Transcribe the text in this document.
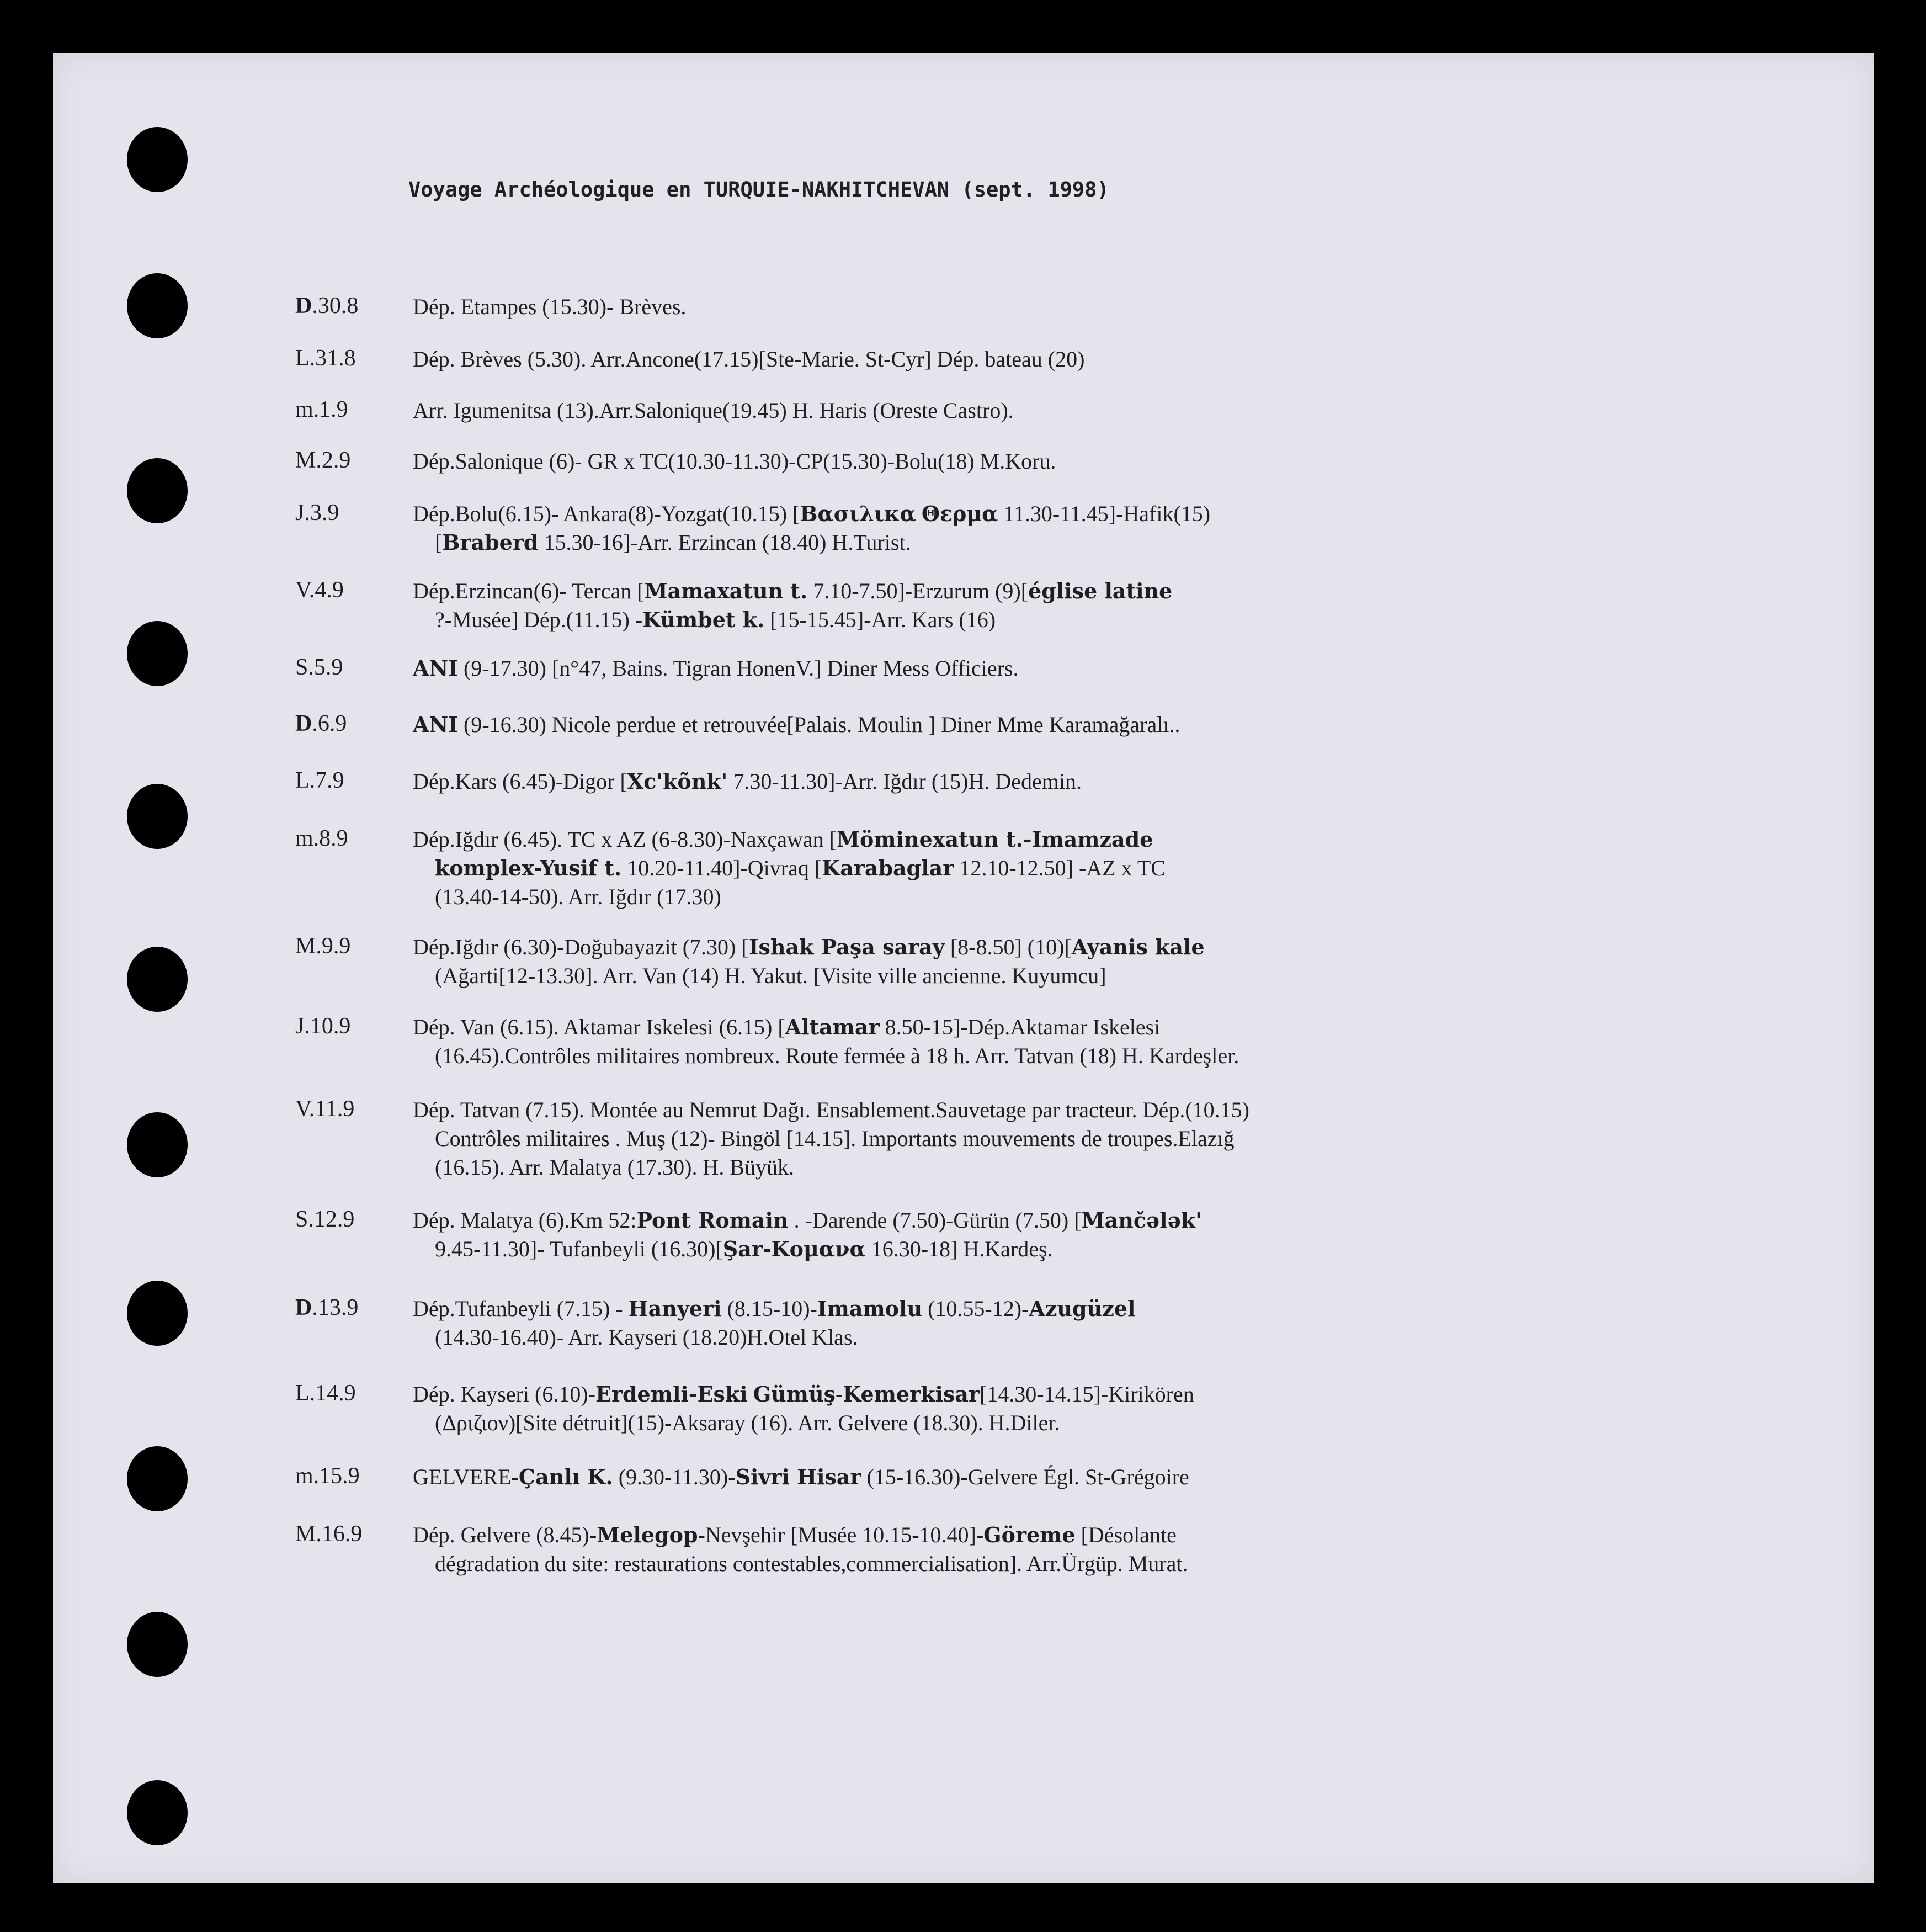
Voyage Archéologique en TURQUIE-NAKHITCHEVAN (sept. 1998)
D.30.8	Dép. Etampes (15.30)- Brèves.
L.31.8	Dép. Brèves (5.30). Arr.Ancone(17.15)[Ste-Marie. St-Cyr] Dép. bateau (20)
m.1.9	Arr. Igumenitsa (13).Arr.Salonique(19.45) H. Haris (Oreste Castro).
M.2.9	Dép.Salonique (6)- GR x TC(10.30-11.30)-CP(15.30)-Bolu(18) M.Koru.
J.3.9	Dép.Bolu(6.15)- Ankara(8)-Yozgat(10.15) [Βασιλικα Θερμα 11.30-11.45]-Hafik(15)
[Braberd 15.30-16]-Arr. Erzincan (18.40) H.Turist.
V.4.9	Dép.Erzincan(6)- Tercan [Mamaxatun t. 7.10-7.50]-Erzurum (9)[église latine
?-Musée] Dép.(11.15) -Kümbet k. [15-15.45]-Arr. Kars (16)
S.5.9	ANI (9-17.30) [n°47, Bains. Tigran HonenV.] Diner Mess Officiers.
D.6.9	ANI (9-16.30) Nicole perdue et retrouvée[Palais. Moulin ] Diner Mme Karamağaralı..
L.7.9	Dép.Kars (6.45)-Digor [Xc'kõnk' 7.30-11.30]-Arr. Iğdır (15)H. Dedemin.
m.8.9	Dép.Iğdır (6.45). TC x AZ (6-8.30)-Naxçawan [Möminexatun t.-Imamzade
komplex-Yusif t. 10.20-11.40]-Qivraq [Karabaglar 12.10-12.50] -AZ x TC
(13.40-14-50). Arr. Iğdır (17.30)
M.9.9	Dép.Iğdır (6.30)-Doğubayazit (7.30) [Ishak Paşa saray [8-8.50] (10)[Ayanis kale
(Ağarti[12-13.30]. Arr. Van (14) H. Yakut. [Visite ville ancienne. Kuyumcu]
J.10.9	Dép. Van (6.15). Aktamar Iskelesi (6.15) [Altamar 8.50-15]-Dép.Aktamar Iskelesi
(16.45).Contrôles militaires nombreux. Route fermée à 18 h. Arr. Tatvan (18) H. Kardeşler.
V.11.9	Dép. Tatvan (7.15). Montée au Nemrut Dağı. Ensablement.Sauvetage par tracteur. Dép.(10.15)
Contrôles militaires . Muş (12)- Bingöl [14.15]. Importants mouvements de troupes.Elazığ
(16.15). Arr. Malatya (17.30). H. Büyük.
S.12.9	Dép. Malatya (6).Km 52:Pont Romain . -Darende (7.50)-Gürün (7.50) [Mančələk'
9.45-11.30]- Tufanbeyli (16.30)[Şar-Κομανα 16.30-18] H.Kardeş.
D.13.9	Dép.Tufanbeyli (7.15) - Hanyeri (8.15-10)-Imamolu (10.55-12)-Azugüzel
(14.30-16.40)- Arr. Kayseri (18.20)H.Otel Klas.
L.14.9	Dép. Kayseri (6.10)-Erdemli-Eski Gümüş-Kemerkisar[14.30-14.15]-Kirikören
(Δριζιον)[Site détruit](15)-Aksaray (16). Arr. Gelvere (18.30). H.Diler.
m.15.9	GELVERE-Çanlı K. (9.30-11.30)-Sivri Hisar (15-16.30)-Gelvere Égl. St-Grégoire
M.16.9	Dép. Gelvere (8.45)-Melegop-Nevşehir [Musée 10.15-10.40]-Göreme [Désolante
dégradation du site: restaurations contestables,commercialisation]. Arr.Ürgüp. Murat.
